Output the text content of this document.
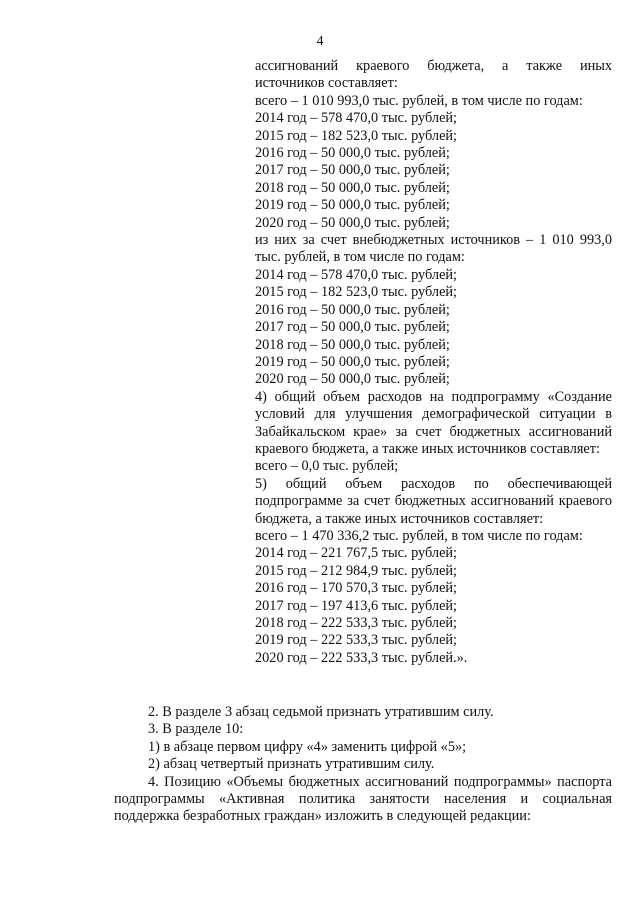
4

ассигнований краевого бюджета, а также иных источников составляет:

всего – 1 010 993,0 тыс. рублей, в том числе по годам:

2014 год – 578 470,0 тыс. рублей;

2015 год – 182 523,0 тыс. рублей;

2016 год – 50 000,0 тыс. рублей;

2017 год – 50 000,0 тыс. рублей;

2018 год – 50 000,0 тыс. рублей;

2019 год – 50 000,0 тыс. рублей;

2020 год – 50 000,0 тыс. рублей;

из них за счет внебюджетных источников – 1 010 993,0 тыс. рублей, в том числе по годам:

2014 год – 578 470,0 тыс. рублей;

2015 год – 182 523,0 тыс. рублей;

2016 год – 50 000,0 тыс. рублей;

2017 год – 50 000,0 тыс. рублей;

2018 год – 50 000,0 тыс. рублей;

2019 год – 50 000,0 тыс. рублей;

2020 год – 50 000,0 тыс. рублей;

4) общий объем расходов на подпрограмму «Создание условий для улучшения демографической ситуации в Забайкальском крае» за счет бюджетных ассигнований краевого бюджета, а также иных источников составляет:

всего – 0,0 тыс. рублей;

5) общий объем расходов по обеспечивающей подпрограмме за счет бюджетных ассигнований краевого бюджета, а также иных источников составляет:

всего – 1 470 336,2 тыс. рублей, в том числе по годам:

2014 год – 221 767,5 тыс. рублей;

2015 год – 212 984,9 тыс. рублей;

2016 год – 170 570,3 тыс. рублей;

2017 год – 197 413,6 тыс. рублей;

2018 год – 222 533,3 тыс. рублей;

2019 год – 222 533,3 тыс. рублей;

2020 год – 222 533,3 тыс. рублей.».

2. В разделе 3 абзац седьмой признать утратившим силу.

3. В разделе 10:

1) в абзаце первом цифру «4» заменить цифрой «5»;

2) абзац четвертый признать утратившим силу.

4. Позицию «Объемы бюджетных ассигнований подпрограммы» паспорта подпрограммы «Активная политика занятости населения и социальная поддержка безработных граждан» изложить в следующей редакции:
